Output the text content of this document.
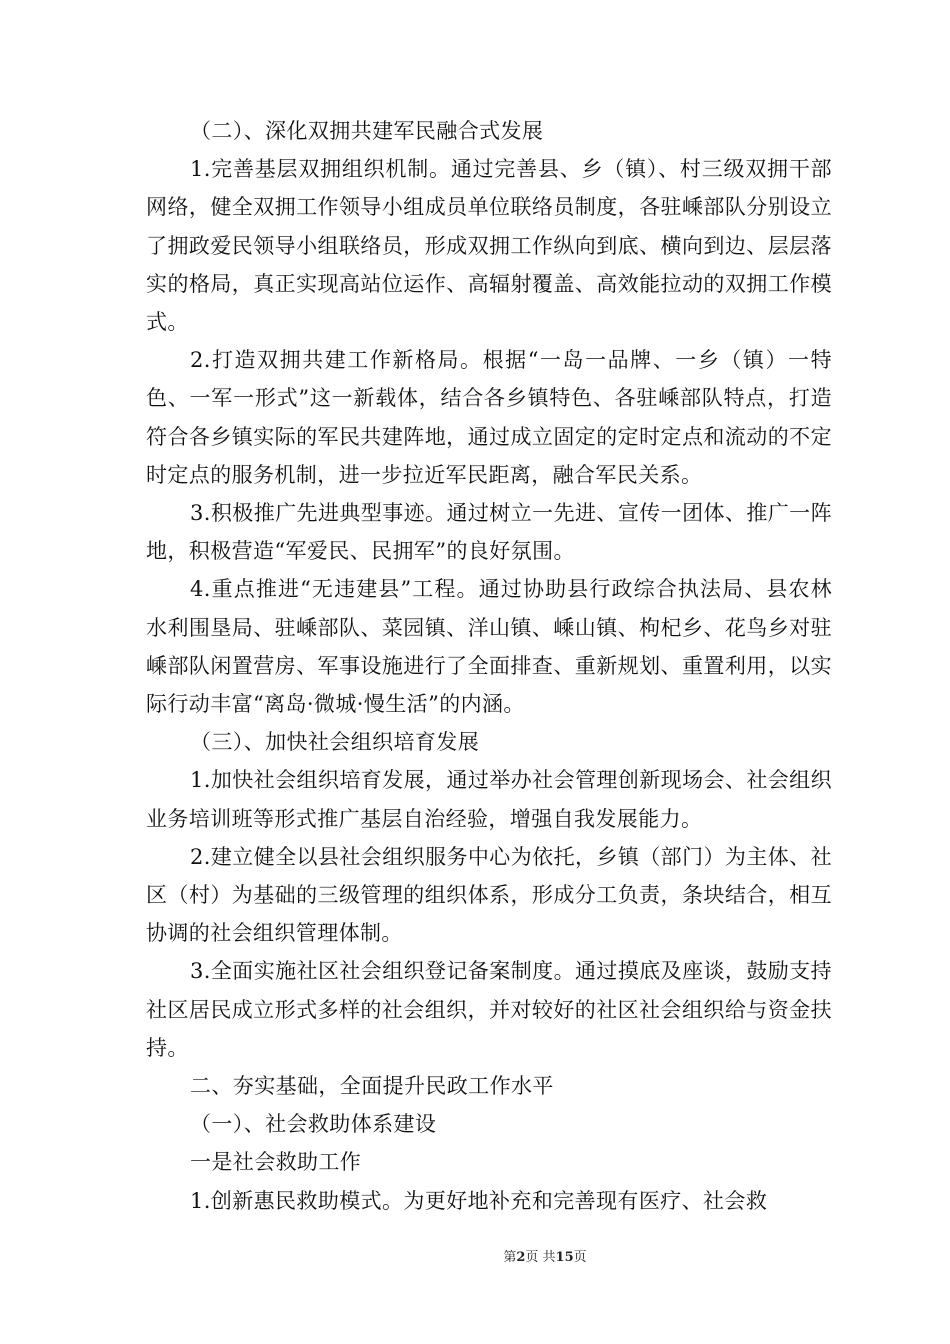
（二）、深化双拥共建军民融合式发展

1.完善基层双拥组织机制。通过完善县、乡（镇）、村三级双拥干部网络，健全双拥工作领导小组成员单位联络员制度，各驻嵊部队分别设立了拥政爱民领导小组联络员，形成双拥工作纵向到底、横向到边、层层落实的格局，真正实现高站位运作、高辐射覆盖、高效能拉动的双拥工作模式。

2.打造双拥共建工作新格局。根据“一岛一品牌、一乡（镇）一特色、一军一形式”这一新载体，结合各乡镇特色、各驻嵊部队特点，打造符合各乡镇实际的军民共建阵地，通过成立固定的定时定点和流动的不定时定点的服务机制，进一步拉近军民距离，融合军民关系。

3.积极推广先进典型事迹。通过树立一先进、宣传一团体、推广一阵地，积极营造“军爱民、民拥军”的良好氛围。

4.重点推进“无违建县”工程。通过协助县行政综合执法局、县农林水利围垦局、驻嵊部队、菜园镇、洋山镇、嵊山镇、枸杞乡、花鸟乡对驻嵊部队闲置营房、军事设施进行了全面排查、重新规划、重置利用，以实际行动丰富“离岛·微城·慢生活”的内涵。

（三）、加快社会组织培育发展

1.加快社会组织培育发展，通过举办社会管理创新现场会、社会组织业务培训班等形式推广基层自治经验，增强自我发展能力。

2.建立健全以县社会组织服务中心为依托，乡镇（部门）为主体、社区（村）为基础的三级管理的组织体系，形成分工负责，条块结合，相互协调的社会组织管理体制。

3.全面实施社区社会组织登记备案制度。通过摸底及座谈，鼓励支持社区居民成立形式多样的社会组织，并对较好的社区社会组织给与资金扶持。

二、夯实基础，全面提升民政工作水平

（一）、社会救助体系建设

一是社会救助工作

1.创新惠民救助模式。为更好地补充和完善现有医疗、社会救

第2页 共15页
